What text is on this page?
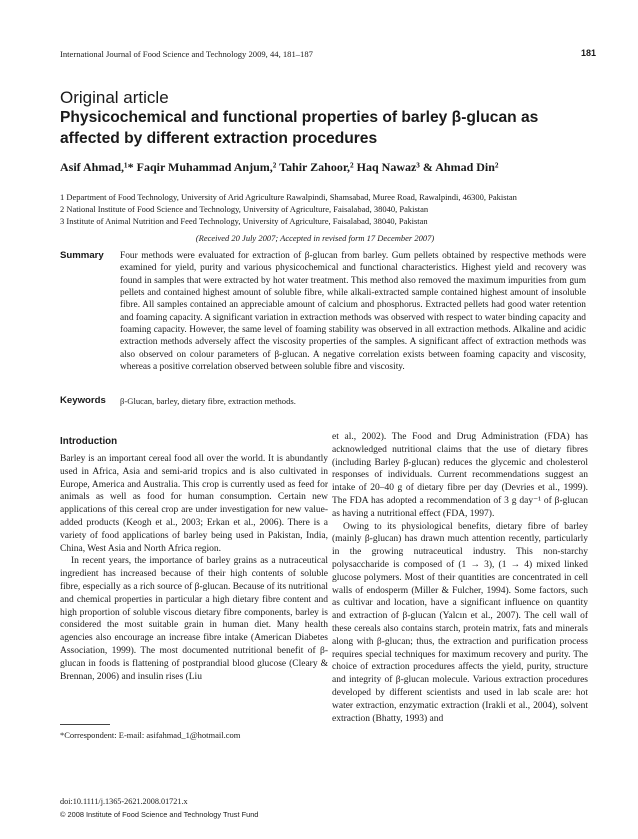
International Journal of Food Science and Technology 2009, 44, 181–187	181
Original article
Physicochemical and functional properties of barley β-glucan as affected by different extraction procedures
Asif Ahmad,¹* Faqir Muhammad Anjum,² Tahir Zahoor,² Haq Nawaz³ & Ahmad Din²
1 Department of Food Technology, University of Arid Agriculture Rawalpindi, Shamsabad, Muree Road, Rawalpindi, 46300, Pakistan
2 National Institute of Food Science and Technology, University of Agriculture, Faisalabad, 38040, Pakistan
3 Institute of Animal Nutrition and Feed Technology, University of Agriculture, Faisalabad, 38040, Pakistan
(Received 20 July 2007; Accepted in revised form 17 December 2007)
Summary Four methods were evaluated for extraction of β-glucan from barley. Gum pellets obtained by respective methods were examined for yield, purity and various physicochemical and functional characteristics. Highest yield and recovery was found in samples that were extracted by hot water treatment. This method also removed the maximum impurities from gum pellets and contained highest amount of soluble fibre, while alkali-extracted sample contained highest amount of insoluble fibre. All samples contained an appreciable amount of calcium and phosphorus. Extracted pellets had good water retention and foaming capacity. A significant variation in extraction methods was observed with respect to water binding capacity and foaming capacity. However, the same level of foaming stability was observed in all extraction methods. Alkaline and acidic extraction methods adversely affect the viscosity properties of the samples. A significant affect of extraction methods was also observed on colour parameters of β-glucan. A negative correlation exists between foaming capacity and viscosity, whereas a positive correlation observed between soluble fibre and viscosity.
Keywords β-Glucan, barley, dietary fibre, extraction methods.
Introduction

Barley is an important cereal food all over the world. It is abundantly used in Africa, Asia and semi-arid tropics and is also cultivated in Europe, America and Australia. This crop is currently used as feed for animals as well as food for human consumption. Certain new applications of this cereal crop are under investigation for new value-added products (Keogh et al., 2003; Erkan et al., 2006). There is a variety of food applications of barley being used in Pakistan, India, China, West Asia and North Africa region.

In recent years, the importance of barley grains as a nutraceutical ingredient has increased because of their high contents of soluble fibre, especially as a rich source of β-glucan. Because of its nutritional and chemical properties in particular a high dietary fibre content and high proportion of soluble viscous dietary fibre components, barley is considered the most suitable grain in human diet. Many health agencies also encourage an increase fibre intake (American Diabetes Association, 1999). The most documented nutritional benefit of β-glucan in foods is flattening of postprandial blood glucose (Cleary & Brennan, 2006) and insulin rises (Liu

et al., 2002). The Food and Drug Administration (FDA) has acknowledged nutritional claims that the use of dietary fibres (including Barley β-glucan) reduces the glycemic and cholesterol responses of individuals. Current recommendations suggest an intake of 20–40 g of dietary fibre per day (Devries et al., 1999). The FDA has adopted a recommendation of 3 g day⁻¹ of β-glucan as having a nutritional effect (FDA, 1997).

Owing to its physiological benefits, dietary fibre of barley (mainly β-glucan) has drawn much attention recently, particularly in the growing nutraceutical industry. This non-starchy polysaccharide is composed of (1 → 3), (1 → 4) mixed linked glucose polymers. Most of their quantities are concentrated in cell walls of endosperm (Miller & Fulcher, 1994). Some factors, such as cultivar and location, have a significant influence on quantity and extraction of β-glucan (Yalcın et al., 2007). The cell wall of these cereals also contains starch, protein matrix, fats and minerals along with β-glucan; thus, the extraction and purification process requires special techniques for maximum recovery and purity. The choice of extraction procedures affects the yield, purity, structure and integrity of β-glucan molecule. Various extraction procedures developed by different scientists and used in lab scale are: hot water extraction, enzymatic extraction (Irakli et al., 2004), solvent extraction (Bhatty, 1993) and

*Correspondent: E-mail: asifahmad_1@hotmail.com
doi:10.1111/j.1365-2621.2008.01721.x
© 2008 Institute of Food Science and Technology Trust Fund
